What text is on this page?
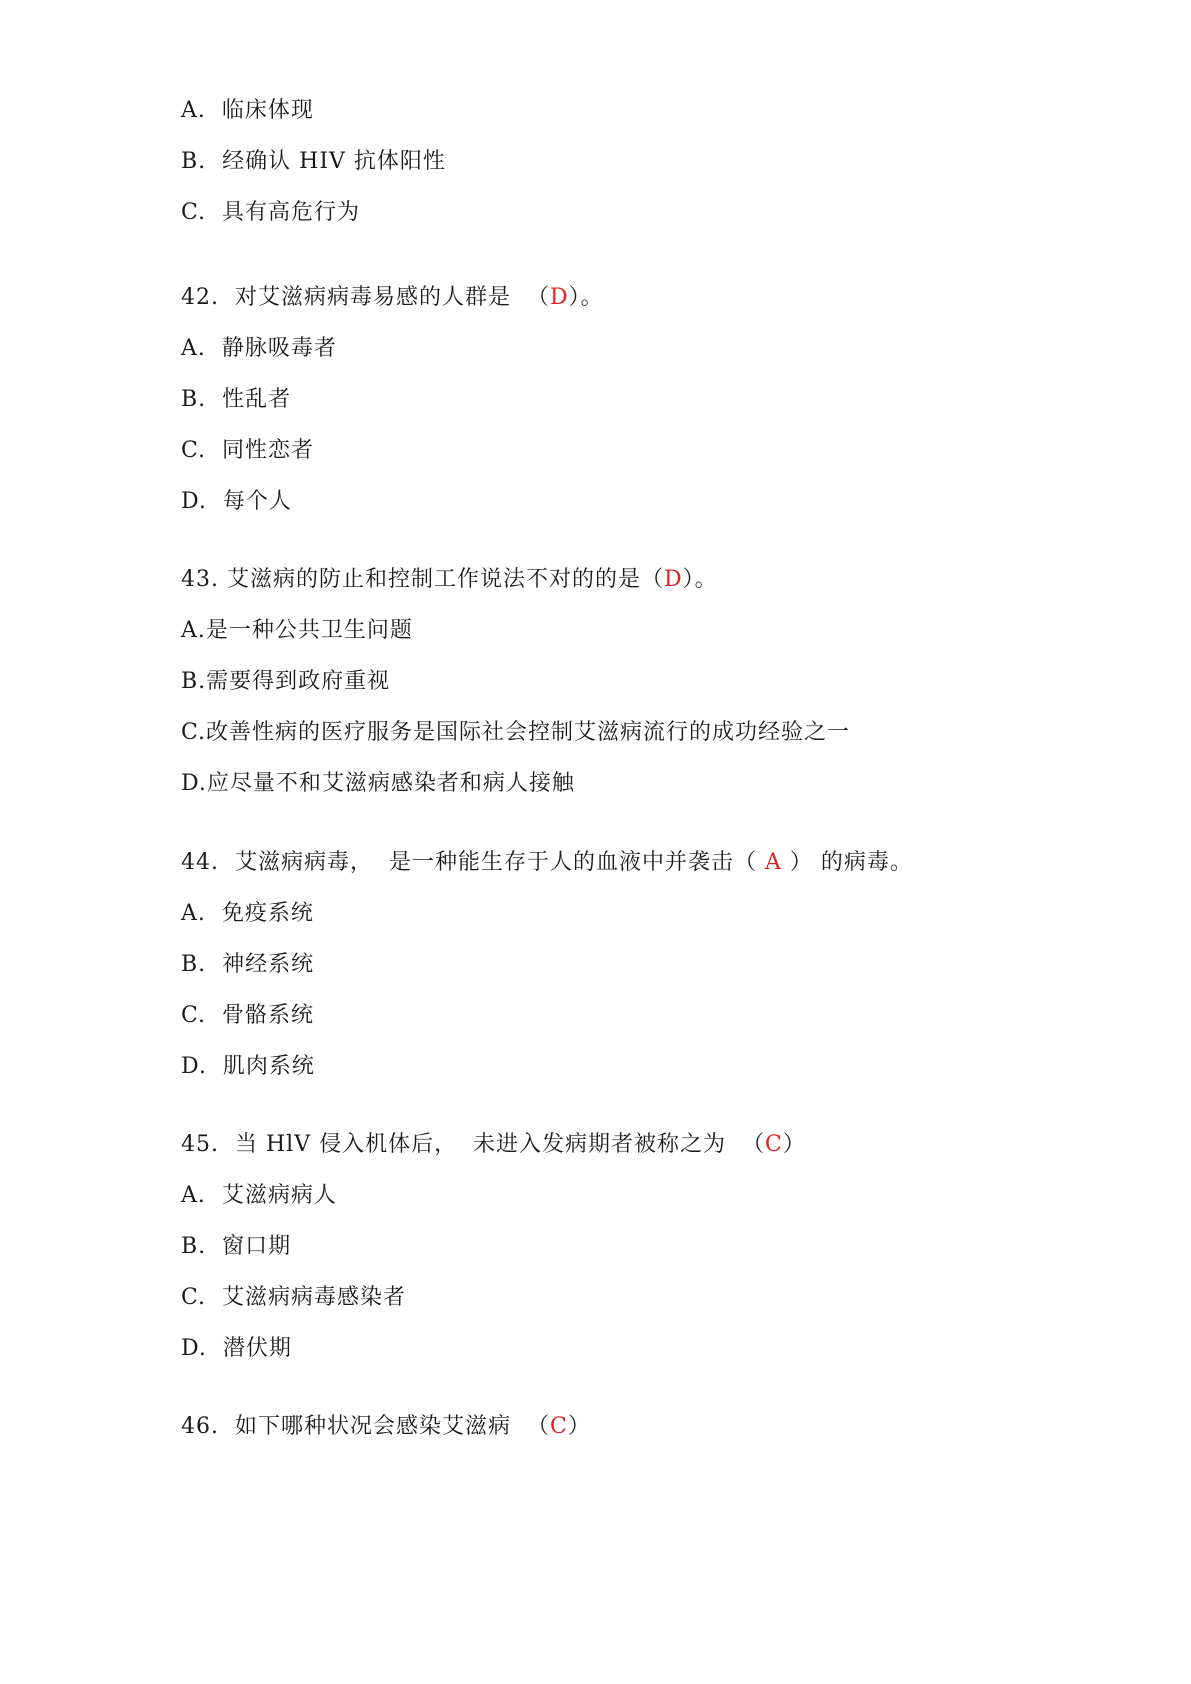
A.  临床体现
B.  经确认 HIV 抗体阳性
C.  具有高危行为
42.  对艾滋病病毒易感的人群是  （D）。
A.  静脉吸毒者
B.  性乱者
C.  同性恋者
D.  每个人
43. 艾滋病的防止和控制工作说法不对的的是（D）。
A.是一种公共卫生问题
B.需要得到政府重视
C.改善性病的医疗服务是国际社会控制艾滋病流行的成功经验之一
D.应尽量不和艾滋病感染者和病人接触
44.  艾滋病病毒，  是一种能生存于人的血液中并袭击（ A ） 的病毒。
A.  免疫系统
B.  神经系统
C.  骨骼系统
D.  肌肉系统
45.  当 HlV 侵入机体后，  未进入发病期者被称之为  （C）
A.  艾滋病病人
B.  窗口期
C.  艾滋病病毒感染者
D.  潜伏期
46.  如下哪种状况会感染艾滋病  （C）
